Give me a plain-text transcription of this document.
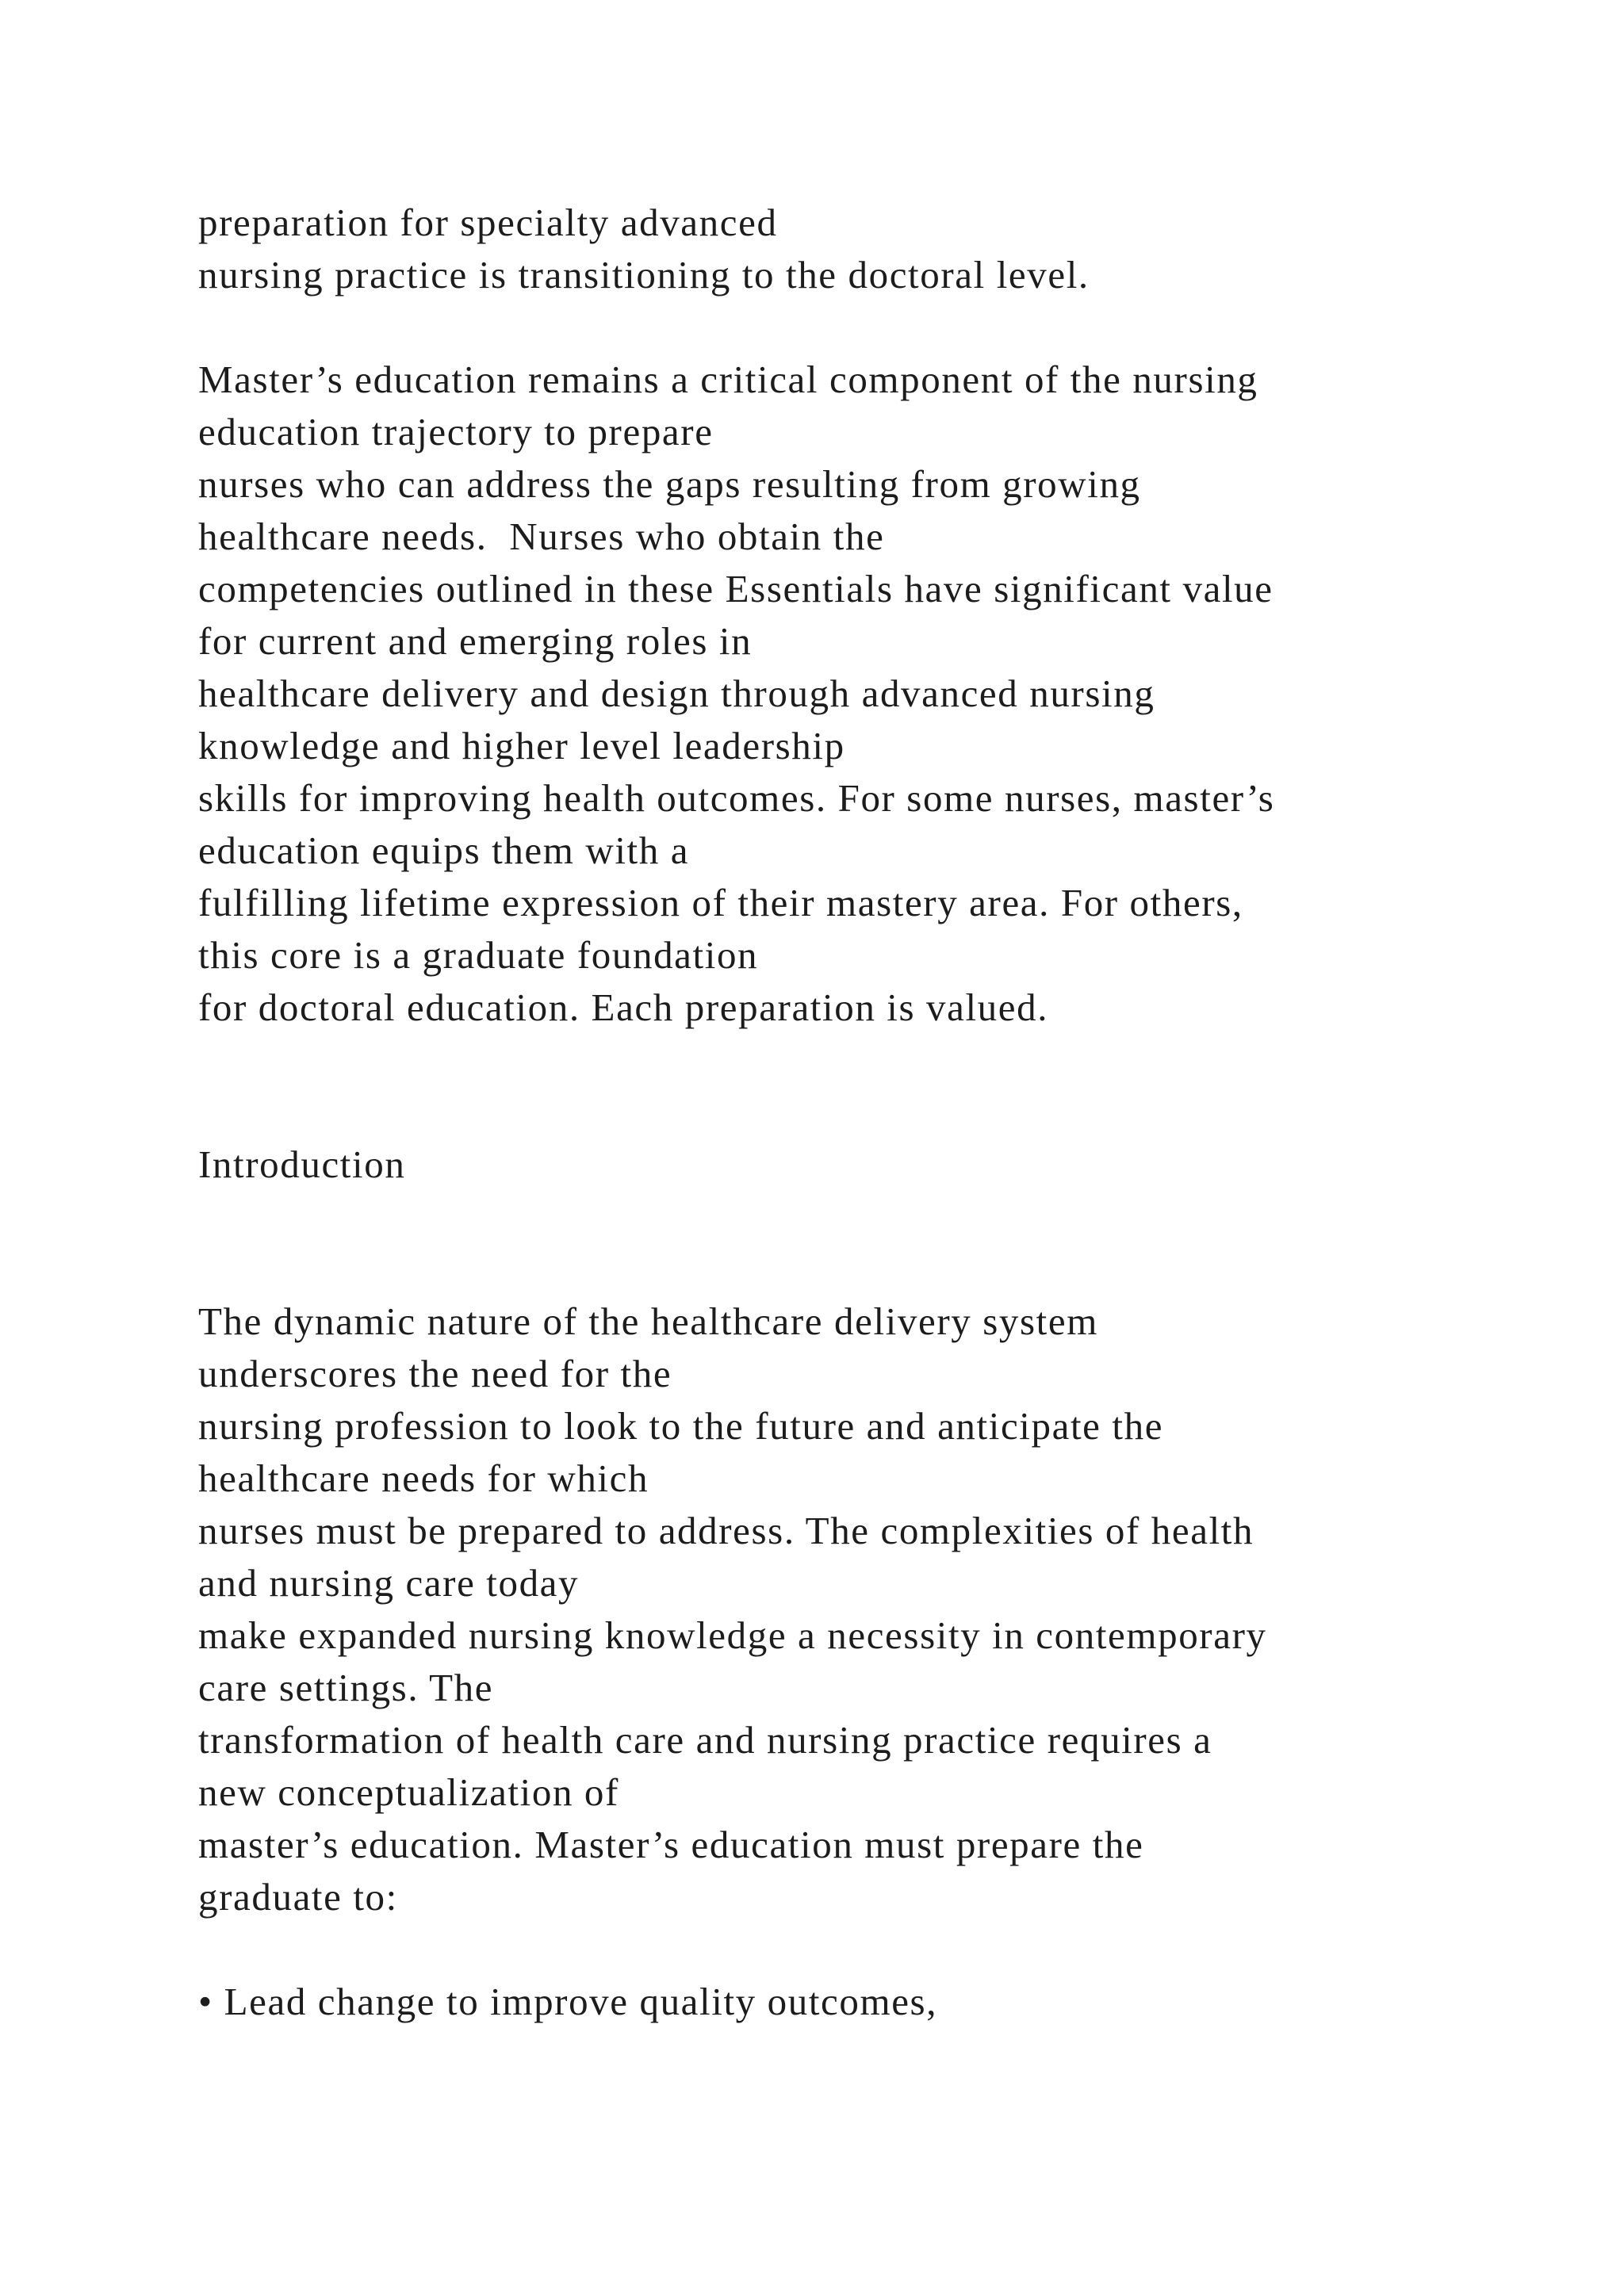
preparation for specialty advanced
nursing practice is transitioning to the doctoral level.
Master’s education remains a critical component of the nursing
education trajectory to prepare
nurses who can address the gaps resulting from growing
healthcare needs.  Nurses who obtain the
competencies outlined in these Essentials have significant value
for current and emerging roles in
healthcare delivery and design through advanced nursing
knowledge and higher level leadership
skills for improving health outcomes. For some nurses, master’s
education equips them with a
fulfilling lifetime expression of their mastery area. For others,
this core is a graduate foundation
for doctoral education. Each preparation is valued.
Introduction
The dynamic nature of the healthcare delivery system
underscores the need for the
nursing profession to look to the future and anticipate the
healthcare needs for which
nurses must be prepared to address. The complexities of health
and nursing care today
make expanded nursing knowledge a necessity in contemporary
care settings. The
transformation of health care and nursing practice requires a
new conceptualization of
master’s education. Master’s education must prepare the
graduate to:
• Lead change to improve quality outcomes,
